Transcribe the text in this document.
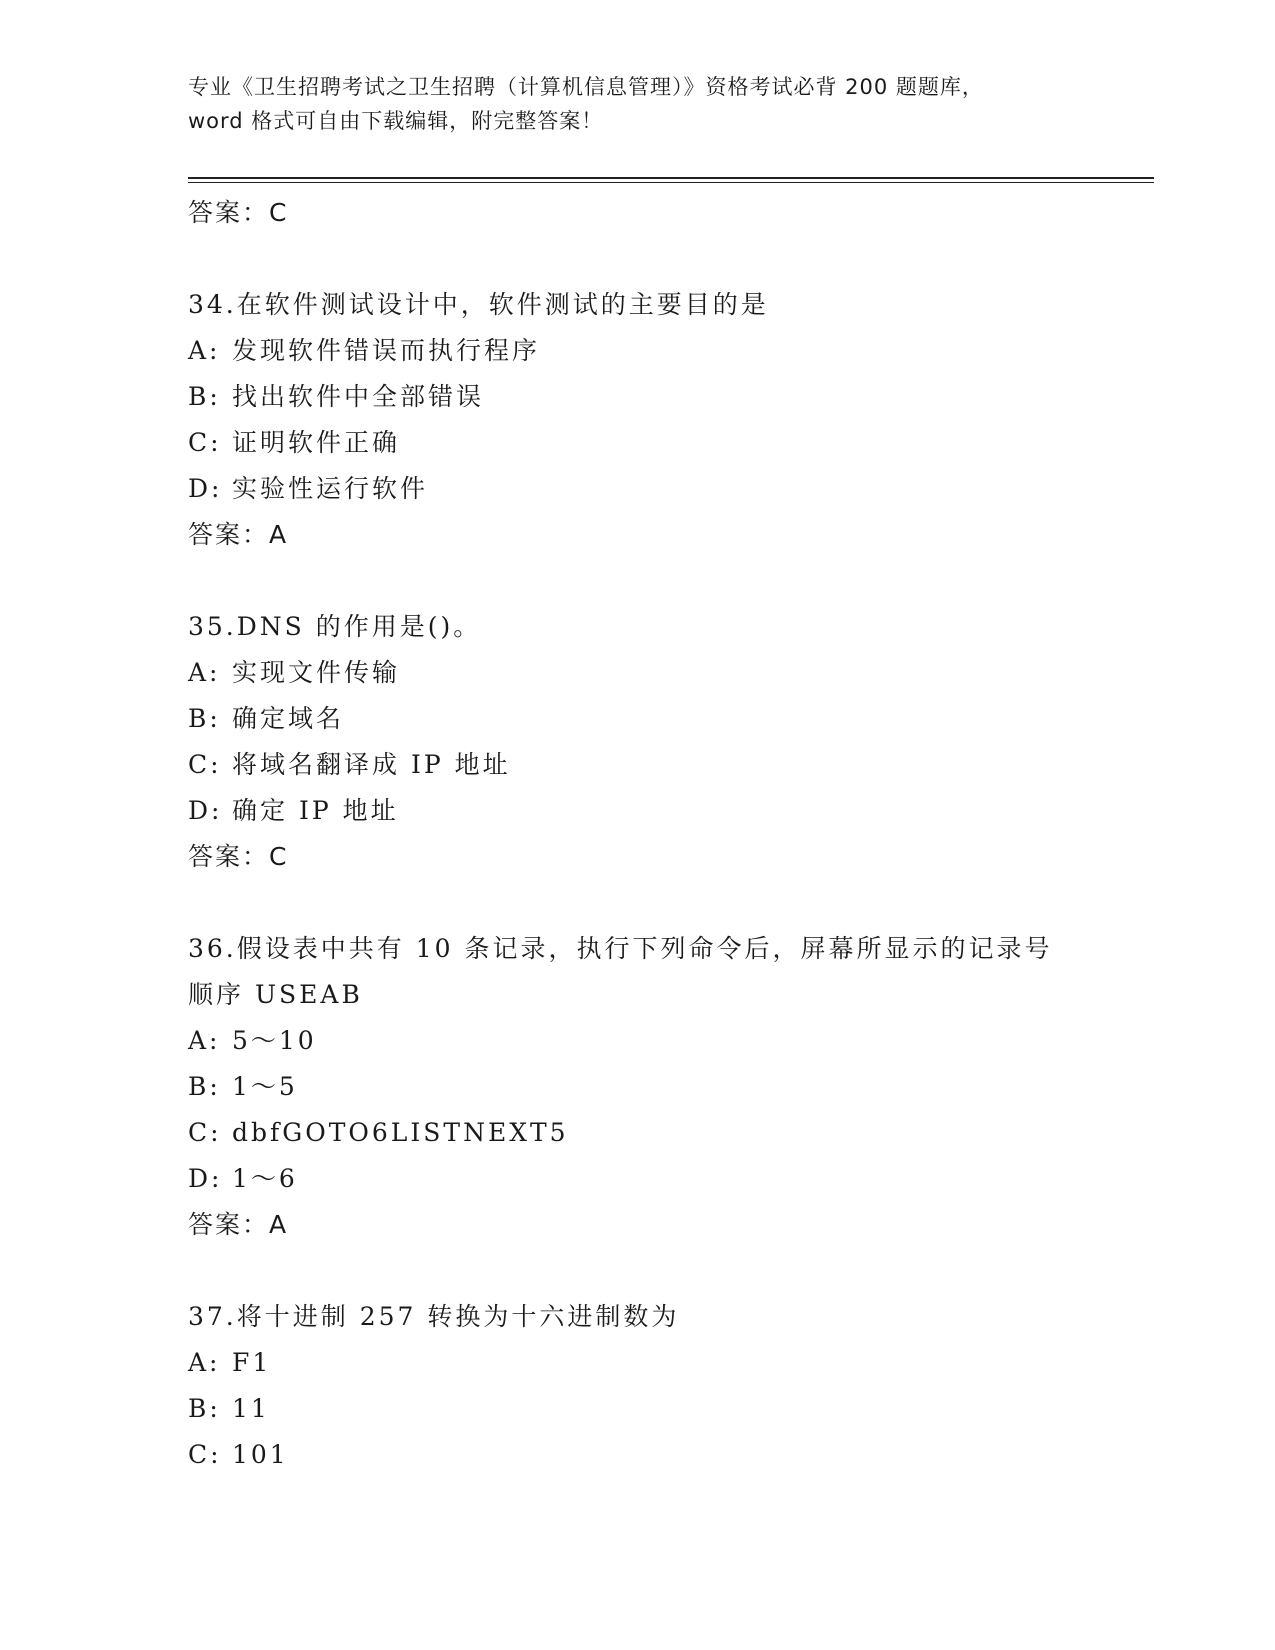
专业《卫生招聘考试之卫生招聘（计算机信息管理）》资格考试必背 200 题题库，
word 格式可自由下载编辑，附完整答案！
答案：C
34.在软件测试设计中，软件测试的主要目的是
A: 发现软件错误而执行程序
B: 找出软件中全部错误
C: 证明软件正确
D: 实验性运行软件
答案：A
35.DNS 的作用是()。
A: 实现文件传输
B: 确定域名
C: 将域名翻译成 IP 地址
D: 确定 IP 地址
答案：C
36.假设表中共有 10 条记录，执行下列命令后，屏幕所显示的记录号
顺序 USEAB
A: 5～10
B: 1～5
C: dbfGOTO6LISTNEXT5
D: 1～6
答案：A
37.将十进制 257 转换为十六进制数为
A: F1
B: 11
C: 101
